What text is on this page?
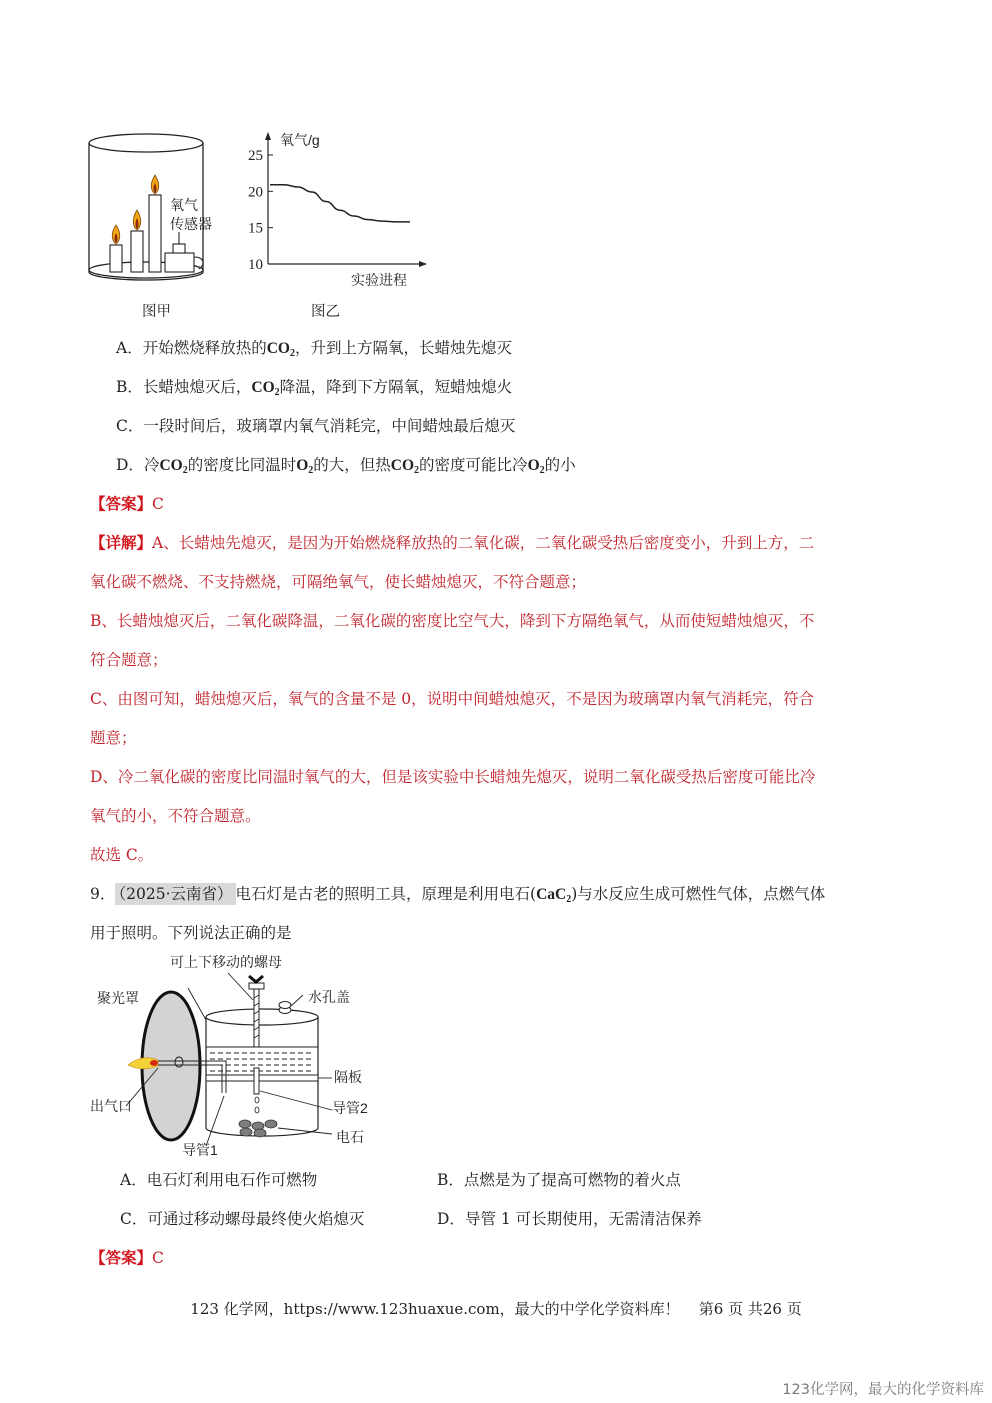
氧气
传感器
图甲
25
20
15
10
氧气/g
实验进程
图乙
A．开始燃烧释放热的$CO_2$，升到上方隔氧，长蜡烛先熄灭
B．长蜡烛熄灭后，$CO_2$降温，降到下方隔氧，短蜡烛熄火
C．一段时间后，玻璃罩内氧气消耗完，中间蜡烛最后熄灭
D．冷$CO_2$的密度比同温时$O_2$的大，但热$CO_2$的密度可能比冷$O_2$的小
【答案】C
【详解】A、长蜡烛先熄灭，是因为开始燃烧释放热的二氧化碳，二氧化碳受热后密度变小，升到上方，二
氧化碳不燃烧、不支持燃烧，可隔绝氧气，使长蜡烛熄灭，不符合题意；
B、长蜡烛熄灭后，二氧化碳降温，二氧化碳的密度比空气大，降到下方隔绝氧气，从而使短蜡烛熄灭，不
符合题意；
C、由图可知，蜡烛熄灭后，氧气的含量不是 0，说明中间蜡烛熄灭，不是因为玻璃罩内氧气消耗完，符合
题意；
D、冷二氧化碳的密度比同温时氧气的大，但是该实验中长蜡烛先熄灭，说明二氧化碳受热后密度可能比冷
氧气的小，不符合题意。
故选 C。
9． （2025·云南省） 电石灯是古老的照明工具，原理是利用电石(CaC$_2$)与水反应生成可燃性气体，点燃气体
用于照明。下列说法正确的是
可上下移动的螺母
聚光罩	水孔盖
隔板
出气口	导管2
电石
导管1
A．电石灯利用电石作可燃物	B．点燃是为了提高可燃物的着火点
C．可通过移动螺母最终使火焰熄灭	D．导管 1 可长期使用，无需清洁保养
【答案】C
123 化学网，https://www.123huaxue.com，最大的中学化学资料库！ 第6 页 共26 页
123化学网，最大的化学资料库
